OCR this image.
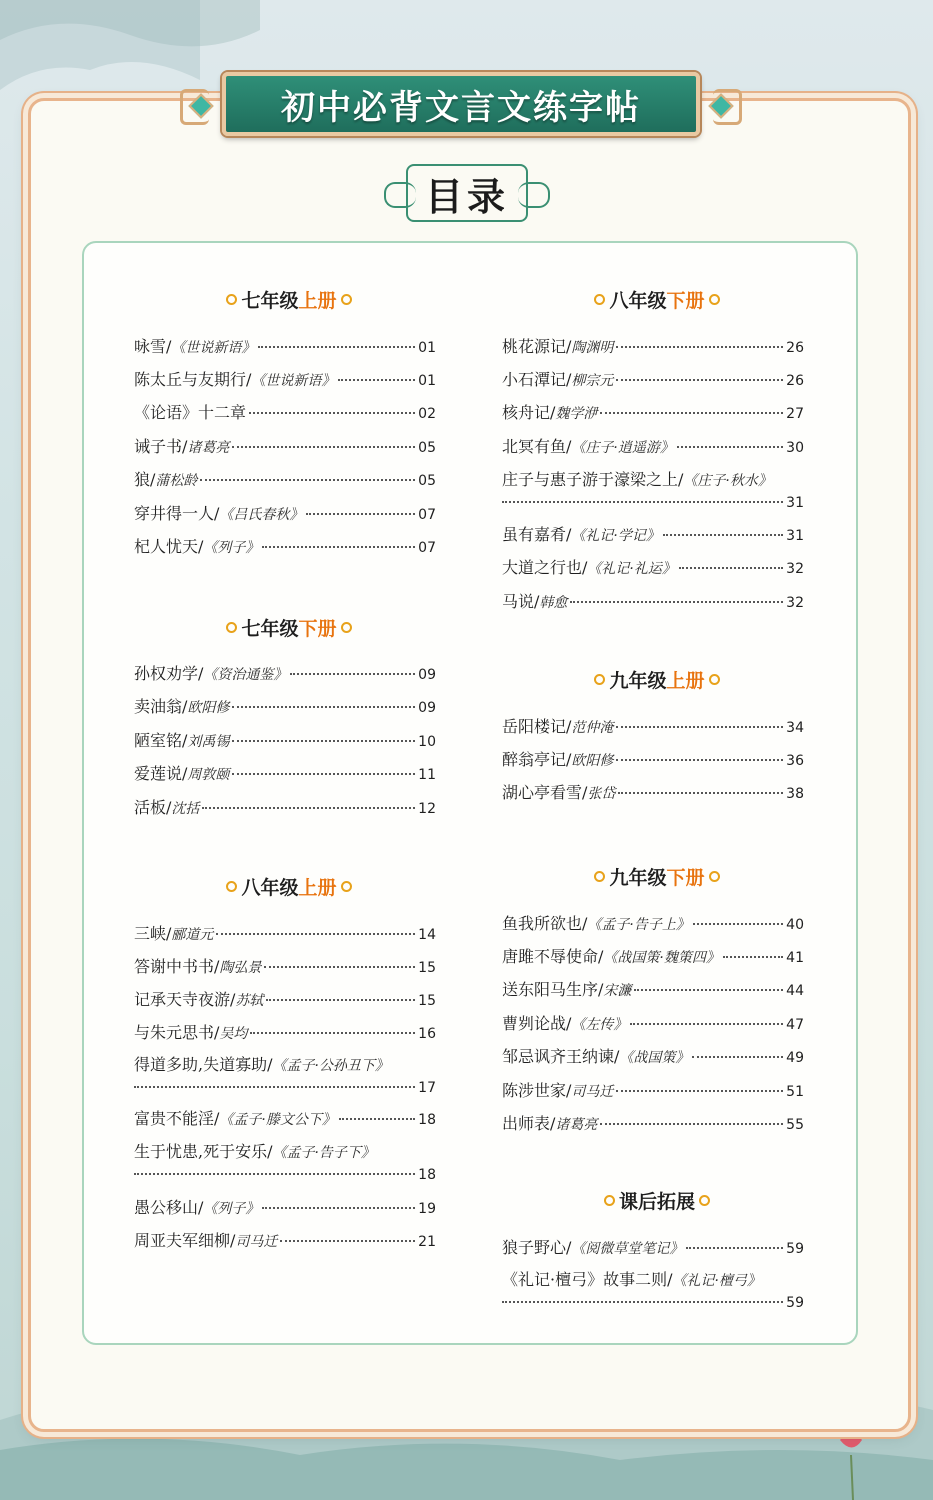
初中必背文言文练字帖
目录
七年级上册
咏雪/ 《世说新语》	01
陈太丘与友期行/ 《世说新语》	01
《论语》十二章	02
诫子书/ 诸葛亮	05
狼/ 蒲松龄	05
穿井得一人/ 《吕氏春秋》	07
杞人忧天/ 《列子》	07
七年级下册
孙权劝学/ 《资治通鉴》	09
卖油翁/ 欧阳修	09
陋室铭/ 刘禹锡	10
爱莲说/ 周敦颐	11
活板/ 沈括	12
八年级上册
三峡/ 郦道元	14
答谢中书书/ 陶弘景	15
记承天寺夜游/ 苏轼	15
与朱元思书/ 吴均	16
得道多助,失道寡助/《孟子·公孙丑下》
17
富贵不能淫/ 《孟子·滕文公下》	18
生于忧患,死于安乐/《孟子·告子下》
18
愚公移山/ 《列子》	19
周亚夫军细柳/ 司马迁	21
八年级下册
桃花源记/ 陶渊明	26
小石潭记/ 柳宗元	26
核舟记/ 魏学洢	27
北冥有鱼/ 《庄子·逍遥游》	30
庄子与惠子游于濠梁之上/《庄子·秋水》
31
虽有嘉肴/ 《礼记·学记》	31
大道之行也/ 《礼记·礼运》	32
马说/ 韩愈	32
九年级上册
岳阳楼记/ 范仲淹	34
醉翁亭记/ 欧阳修	36
湖心亭看雪/ 张岱	38
九年级下册
鱼我所欲也/ 《孟子·告子上》	40
唐雎不辱使命/ 《战国策·魏策四》	41
送东阳马生序/ 宋濂	44
曹刿论战/ 《左传》	47
邹忌讽齐王纳谏/ 《战国策》	49
陈涉世家/ 司马迁	51
出师表/ 诸葛亮	55
课后拓展
狼子野心/ 《阅微草堂笔记》	59
《礼记·檀弓》故事二则/《礼记·檀弓》
59
